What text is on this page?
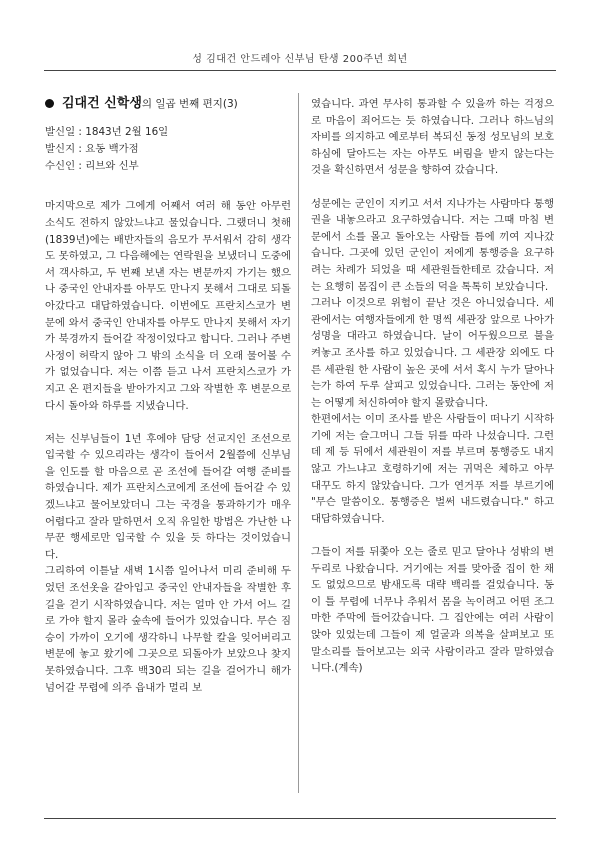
성 김대건 안드레아 신부님 탄생 200주년 희년
김대건 신학생의 일곱 번째 편지(3)
발신일 : 1843년 2월 16일
발신지 : 요동 백가점
수신인 : 리브와 신부

마지막으로 제가 그에게 어째서 여러 해 동안 아무런 소식도 전하지 않았느냐고 물었습니다. 그랬더니 첫해(1839년)에는 배반자들의 음모가 무서워서 감히 생각도 못하였고, 그 다음해에는 연락원을 보냈더니 도중에서 객사하고, 두 번째 보낸 자는 변문까지 가기는 했으나 중국인 안내자를 아무도 만나지 못해서 그대로 되돌아갔다고 대답하였습니다. 이번에도 프란치스코가 변문에 와서 중국인 안내자를 아무도 만나지 못해서 자기가 북경까지 들어갈 작정이었다고 합니다. 그러나 주변사정이 허락지 않아 그 밖의 소식을 더 오래 물어볼 수가 없었습니다. 저는 이쯤 듣고 나서 프란치스코가 가지고 온 편지들을 받아가지고 그와 작별한 후 변문으로 다시 돌아와 하루를 지냈습니다.

저는 신부님들이 1년 후에야 담당 선교지인 조선으로 입국할 수 있으리라는 생각이 들어서 2월쯤에 신부님을 인도를 할 마음으로 곧 조선에 들어갈 여행 준비를 하였습니다. 제가 프란치스코에게 조선에 들어갈 수 있겠느냐고 물어보았더니 그는 국경을 통과하기가 매우 어렵다고 잘라 말하면서 오직 유일한 방법은 가난한 나무꾼 행세로만 입국할 수 있을 듯 하다는 것이었습니다.

그리하여 이튿날 새벽 1시쯤 일어나서 미리 준비해 두었던 조선옷을 갈아입고 중국인 안내자들을 작별한 후 길을 걷기 시작하였습니다. 저는 얼마 안 가서 어느 길로 가야 할지 몰라 숲속에 들어가 있었습니다. 무슨 짐승이 가까이 오기에 생각하니 나무할 칼을 잊어버리고 변문에 놓고 왔기에 그곳으로 되돌아가 보았으나 찾지 못하였습니다. 그후 백30리 되는 길을 걸어가니 해가 넘어갈 무렵에 의주 읍내가 멀리 보

였습니다. 과연 무사히 통과할 수 있을까 하는 걱정으로 마음이 죄어드는 듯 하였습니다. 그러나 하느님의 자비를 의지하고 예로부터 복되신 동정 성모님의 보호하심에 달아드는 자는 아무도 버림을 받지 않는다는 것을 확신하면서 성문을 향하여 갔습니다.

성문에는 군인이 지키고 서서 지나가는 사람마다 통행권을 내놓으라고 요구하였습니다. 저는 그때 마침 변문에서 소를 몰고 돌아오는 사람들 틈에 끼여 지나갔습니다. 그곳에 있던 군인이 저에게 통행증을 요구하려는 차례가 되었을 때 세관원들한테로 갔습니다. 저는 요행히 몸집이 큰 소들의 덕을 톡톡히 보았습니다.

그러나 이것으로 위험이 끝난 것은 아니었습니다. 세관에서는 여행자들에게 한 명씩 세관장 앞으로 나아가 성명을 대라고 하였습니다. 날이 어두웠으므로 불을 켜놓고 조사를 하고 있었습니다. 그 세관장 외에도 다른 세관원 한 사람이 높은 곳에 서서 혹시 누가 달아나는가 하여 두루 살피고 있었습니다. 그러는 동안에 저는 어떻게 처신하여야 할지 몰랐습니다.

한편에서는 이미 조사를 받은 사람들이 떠나기 시작하기에 저는 슬그머니 그들 뒤를 따라 나섰습니다. 그런데 제 등 뒤에서 세관원이 저를 부르며 통행증도 내지 않고 가느냐고 호령하기에 저는 귀먹은 체하고 아무 대꾸도 하지 않았습니다. 그가 연거푸 저를 부르기에 "무슨 말씀이오. 통행증은 벌써 내드렸습니다." 하고 대답하였습니다.

그들이 저를 뒤쫓아 오는 줄로 믿고 달아나 성밖의 변두리로 나왔습니다. 거기에는 저를 맞아줄 집이 한 채도 없었으므로 밤새도록 대략 백리를 걸었습니다. 동이 틀 무렵에 너무나 추워서 몸을 녹이려고 어떤 조그마한 주막에 들어갔습니다. 그 집안에는 여러 사람이 앉아 있었는데 그들이 제 얼굴과 의복을 살펴보고 또 말소리를 들어보고는 외국 사람이라고 잘라 말하였습니다.(계속)
